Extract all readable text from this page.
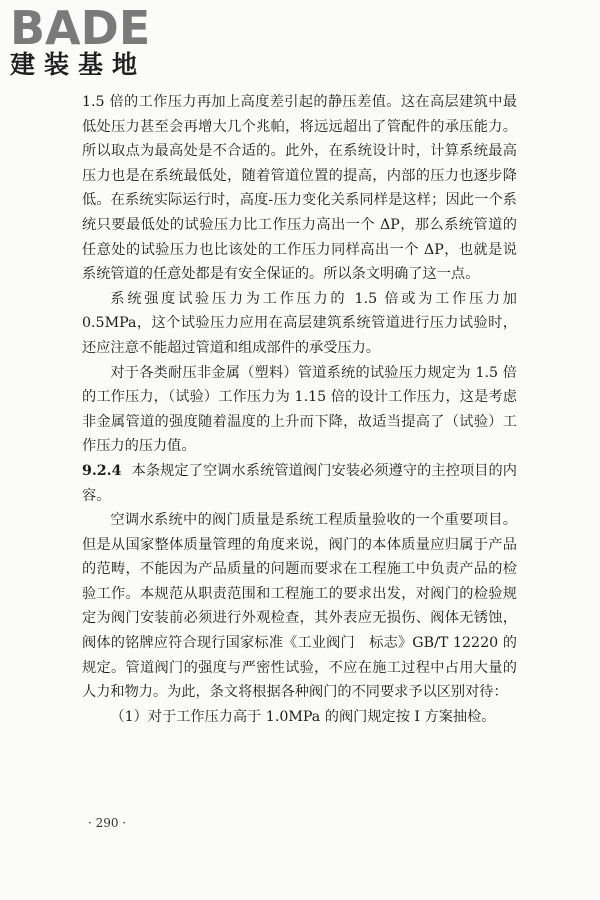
BADE
建装基地

1.5 倍的工作压力再加上高度差引起的静压差值。这在高层建筑中最低处压力甚至会再增大几个兆帕，将远远超出了管配件的承压能力。所以取点为最高处是不合适的。此外，在系统设计时，计算系统最高压力也是在系统最低处，随着管道位置的提高，内部的压力也逐步降低。在系统实际运行时，高度-压力变化关系同样是这样；因此一个系统只要最低处的试验压力比工作压力高出一个 ΔP，那么系统管道的任意处的试验压力也比该处的工作压力同样高出一个 ΔP，也就是说系统管道的任意处都是有安全保证的。所以条文明确了这一点。

系统强度试验压力为工作压力的 1.5 倍或为工作压力加 0.5MPa，这个试验压力应用在高层建筑系统管道进行压力试验时，还应注意不能超过管道和组成部件的承受压力。

对于各类耐压非金属（塑料）管道系统的试验压力规定为 1.5 倍的工作压力，（试验）工作压力为 1.15 倍的设计工作压力，这是考虑非金属管道的强度随着温度的上升而下降，故适当提高了（试验）工作压力的压力值。

9.2.4 本条规定了空调水系统管道阀门安装必须遵守的主控项目的内容。

空调水系统中的阀门质量是系统工程质量验收的一个重要项目。但是从国家整体质量管理的角度来说，阀门的本体质量应归属于产品的范畴，不能因为产品质量的问题而要求在工程施工中负责产品的检验工作。本规范从职责范围和工程施工的要求出发，对阀门的检验规定为阀门安装前必须进行外观检查，其外表应无损伤、阀体无锈蚀，阀体的铭牌应符合现行国家标准《工业阀门　标志》GB/T 12220 的规定。管道阀门的强度与严密性试验，不应在施工过程中占用大量的人力和物力。为此，条文将根据各种阀门的不同要求予以区别对待：

（1）对于工作压力高于 1.0MPa 的阀门规定按 Ⅰ 方案抽检。

· 290 ·
